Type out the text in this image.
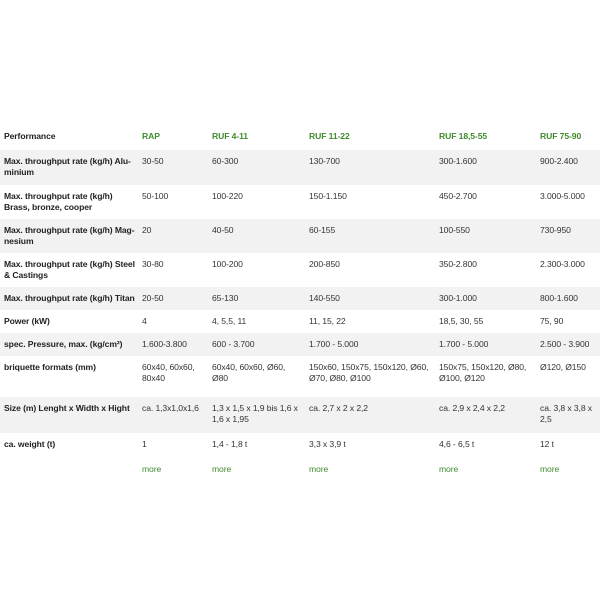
Performance	RAP	RUF 4-11	RUF 11-22	RUF 18,5-55	RUF 75-90
Max. throughput rate (kg/h) Alu-minium	30-50	60-300	130-700	300-1.600	900-2.400
Max. throughput rate (kg/h) Brass, bronze, cooper	50-100	100-220	150-1.150	450-2.700	3.000-5.000
Max. throughput rate (kg/h) Mag-nesium	20	40-50	60-155	100-550	730-950
Max. throughput rate (kg/h) Steel & Castings	30-80	100-200	200-850	350-2.800	2.300-3.000
Max. throughput rate (kg/h) Titan	20-50	65-130	140-550	300-1.000	800-1.600
Power (kW)	4	4, 5,5, 11	11, 15, 22	18,5, 30, 55	75, 90
spec. Pressure, max. (kg/cm²)	1.600-3.800	600 - 3.700	1.700 - 5.000	1.700 - 5.000	2.500 - 3.900
briquette formats (mm)	60x40, 60x60, 80x40	60x40, 60x60, Ø60, Ø80	150x60, 150x75, 150x120, Ø60, Ø70, Ø80, Ø100	150x75, 150x120, Ø80, Ø100, Ø120	Ø120, Ø150
Size (m) Lenght x Width x Hight	ca. 1,3x1,0x1,6	1,3 x 1,5 x 1,9 bis 1,6 x 1,6 x 1,95	ca. 2,7 x 2 x 2,2	ca. 2,9 x 2,4 x 2,2	ca. 3,8 x 3,8 x 2,5
ca. weight (t)	1	1,4 - 1,8 t	3,3 x 3,9 t	4,6 - 6,5 t	12 t
	more	more	more	more	more
